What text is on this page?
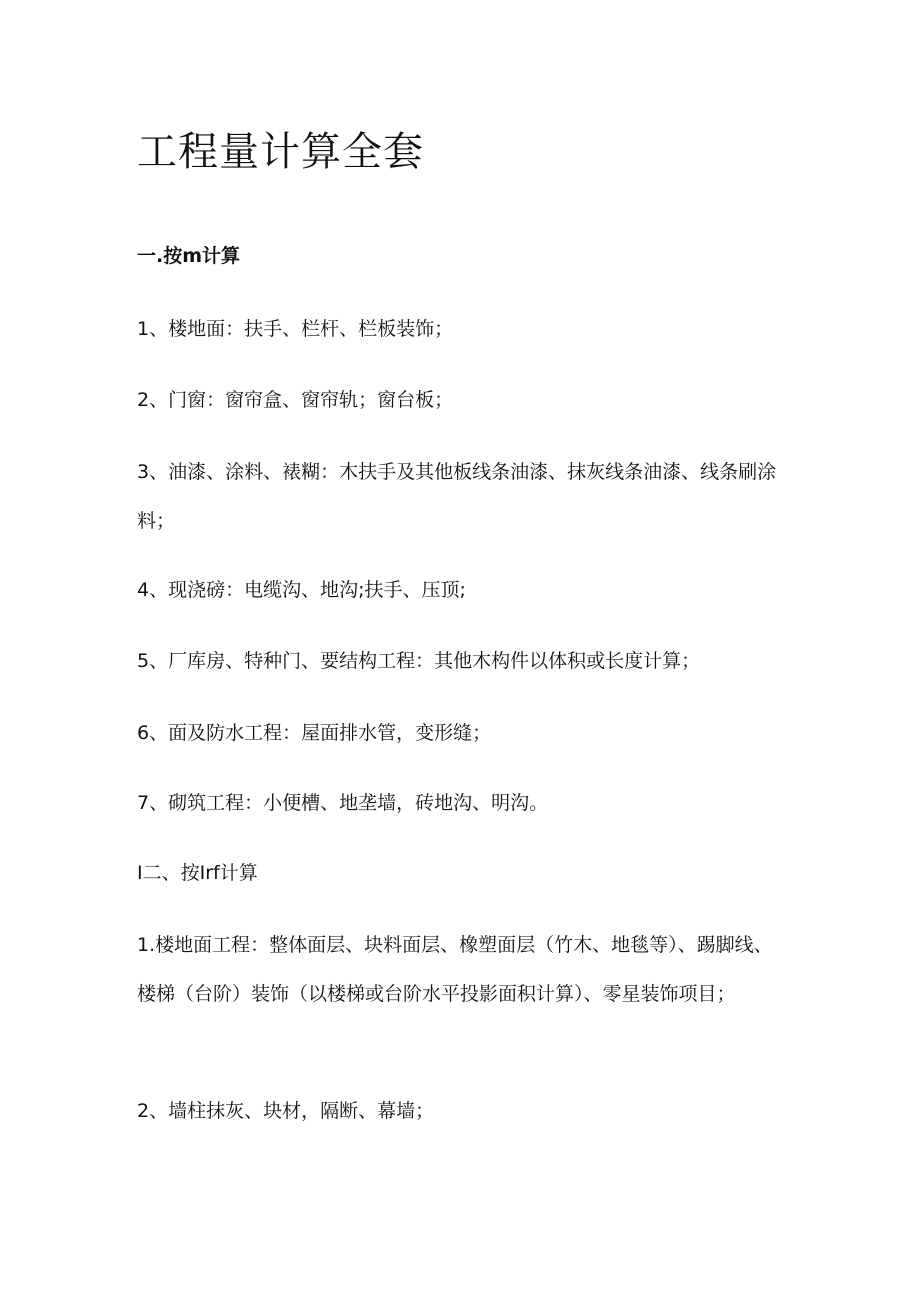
工程量计算全套
一.按m计算
1、楼地面：扶手、栏杆、栏板装饰；
2、门窗：窗帘盒、窗帘轨；窗台板；
3、油漆、涂料、裱糊：木扶手及其他板线条油漆、抹灰线条油漆、线条刷涂料；
4、现浇磅：电缆沟、地沟;扶手、压顶;
5、厂库房、特种门、要结构工程：其他木构件以体积或长度计算；
6、面及防水工程：屋面排水管，变形缝；
7、砌筑工程：小便槽、地垄墙，砖地沟、明沟。
I二、按Irf计算
1.楼地面工程：整体面层、块料面层、橡塑面层（竹木、地毯等）、踢脚线、楼梯（台阶）装饰（以楼梯或台阶水平投影面积计算）、零星装饰项目；
2、墙柱抹灰、块材，隔断、幕墙；
